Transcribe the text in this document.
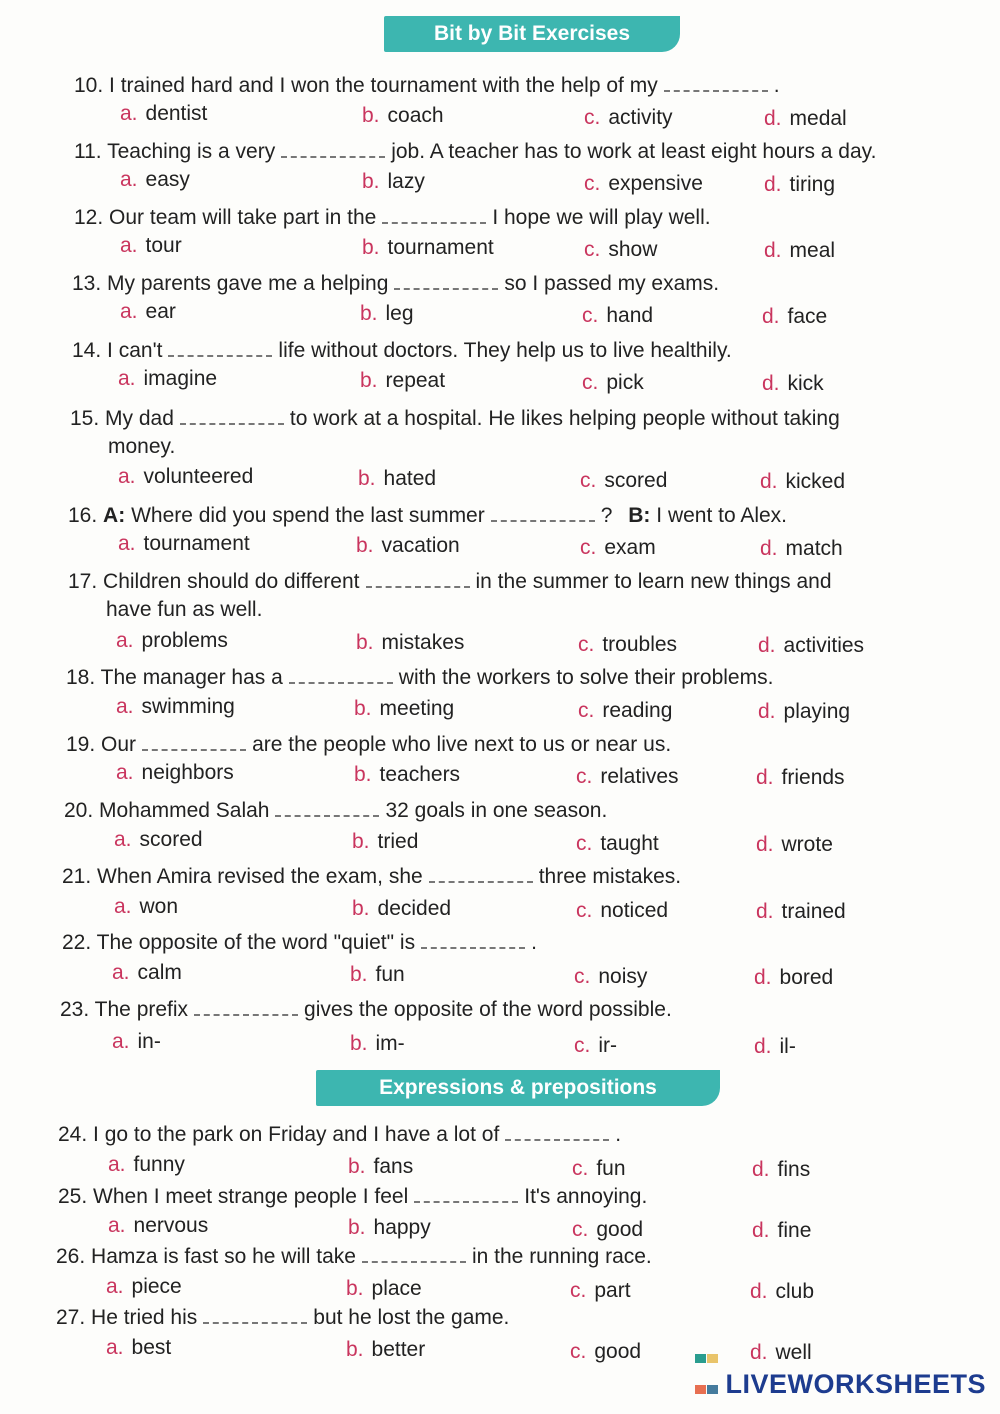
Bit by Bit Exercises
Expressions & prepositions
10. I trained hard and I won the tournament with the help of my	.
a. dentist	b. coach	c. activity	d. medal
11. Teaching is a very	job. A teacher has to work at least eight hours a day.
a. easy	b. lazy	c. expensive	d. tiring
12. Our team will take part in the	I hope we will play well.
a. tour	b. tournament	c. show	d. meal
13. My parents gave me a helping	so I passed my exams.
a. ear	b. leg	c. hand	d. face
14. I can't	life without doctors. They help us to live healthily.
a. imagine	b. repeat	c. pick	d. kick
15. My dad	to work at a hospital. He likes helping people without taking
money.
a. volunteered	b. hated	c. scored	d. kicked
16. A: Where did you spend the last summer	? B: I went to Alex.
a. tournament	b. vacation	c. exam	d. match
17. Children should do different	in the summer to learn new things and
have fun as well.
a. problems	b. mistakes	c. troubles	d. activities
18. The manager has a	with the workers to solve their problems.
a. swimming	b. meeting	c. reading	d. playing
19. Our	are the people who live next to us or near us.
a. neighbors	b. teachers	c. relatives	d. friends
20. Mohammed Salah	32 goals in one season.
a. scored	b. tried	c. taught	d. wrote
21. When Amira revised the exam, she	three mistakes.
a. won	b. decided	c. noticed	d. trained
22. The opposite of the word "quiet" is	.
a. calm	b. fun	c. noisy	d. bored
23. The prefix	gives the opposite of the word possible.
a. in-	b. im-	c. ir-	d. il-
24. I go to the park on Friday and I have a lot of	.
a. funny	b. fans	c. fun	d. fins
25. When I meet strange people I feel	It's annoying.
a. nervous	b. happy	c. good	d. fine
26. Hamza is fast so he will take	in the running race.
a. piece	b. place	c. part	d. club
27. He tried his	but he lost the game.
a. best	b. better	c. good	d. well
LIVEWORKSHEETS
